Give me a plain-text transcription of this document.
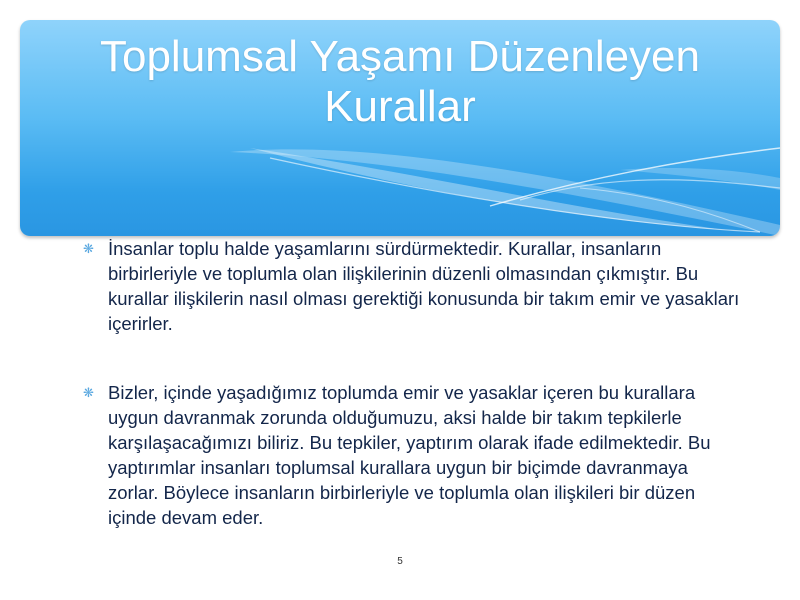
Toplumsal Yaşamı Düzenleyen Kurallar
❋ İnsanlar toplu halde yaşamlarını sürdürmektedir. Kurallar, insanların birbirleriyle ve toplumla olan ilişkilerinin düzenli olmasından çıkmıştır. Bu kurallar ilişkilerin nasıl olması gerektiği konusunda bir takım emir ve yasakları içerirler.
❋ Bizler, içinde yaşadığımız toplumda emir ve yasaklar içeren bu kurallara uygun davranmak zorunda olduğumuzu, aksi halde bir takım tepkilerle karşılaşacağımızı biliriz. Bu tepkiler, yaptırım olarak ifade edilmektedir. Bu yaptırımlar insanları toplumsal kurallara uygun bir biçimde davranmaya zorlar. Böylece insanların birbirleriyle ve toplumla olan ilişkileri bir düzen içinde devam eder.
5
